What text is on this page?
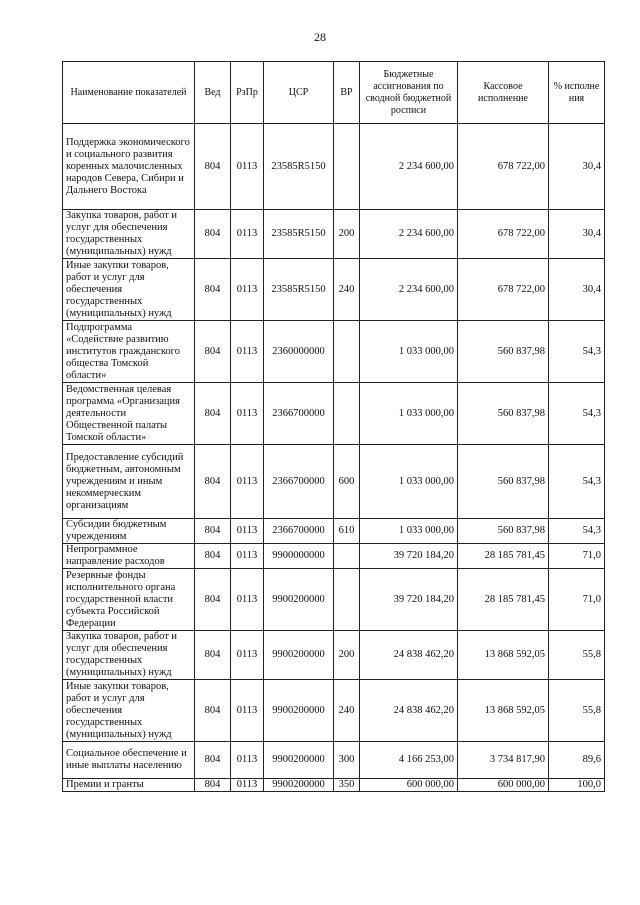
28
Наименование показателей	Вед	РзПр	ЦСР	ВР	Бюджетные ассигнования по сводной бюджетной росписи	Кассовое исполнение	% исполне ния
Поддержка экономического и социального развития коренных малочисленных народов Севера, Сибири и Дальнего Востока	804	0113	23585R5150		2 234 600,00	678 722,00	30,4
Закупка товаров, работ и услуг для обеспечения государственных (муниципальных) нужд	804	0113	23585R5150	200	2 234 600,00	678 722,00	30,4
Иные закупки товаров, работ и услуг для обеспечения государственных (муниципальных) нужд	804	0113	23585R5150	240	2 234 600,00	678 722,00	30,4
Подпрограмма «Содействие развитию институтов гражданского общества Томской области»	804	0113	2360000000		1 033 000,00	560 837,98	54,3
Ведомственная целевая программа «Организация деятельности Общественной палаты Томской области»	804	0113	2366700000		1 033 000,00	560 837,98	54,3
Предоставление субсидий бюджетным, автономным учреждениям и иным некоммерческим организациям	804	0113	2366700000	600	1 033 000,00	560 837,98	54,3
Субсидии бюджетным учреждениям	804	0113	2366700000	610	1 033 000,00	560 837,98	54,3
Непрограммное направление расходов	804	0113	9900000000		39 720 184,20	28 185 781,45	71,0
Резервные фонды исполнительного органа государственной власти субъекта Российской Федерации	804	0113	9900200000		39 720 184,20	28 185 781,45	71,0
Закупка товаров, работ и услуг для обеспечения государственных (муниципальных) нужд	804	0113	9900200000	200	24 838 462,20	13 868 592,05	55,8
Иные закупки товаров, работ и услуг для обеспечения государственных (муниципальных) нужд	804	0113	9900200000	240	24 838 462,20	13 868 592,05	55,8
Социальное обеспечение и иные выплаты населению	804	0113	9900200000	300	4 166 253,00	3 734 817,90	89,6
Премии и гранты	804	0113	9900200000	350	600 000,00	600 000,00	100,0
